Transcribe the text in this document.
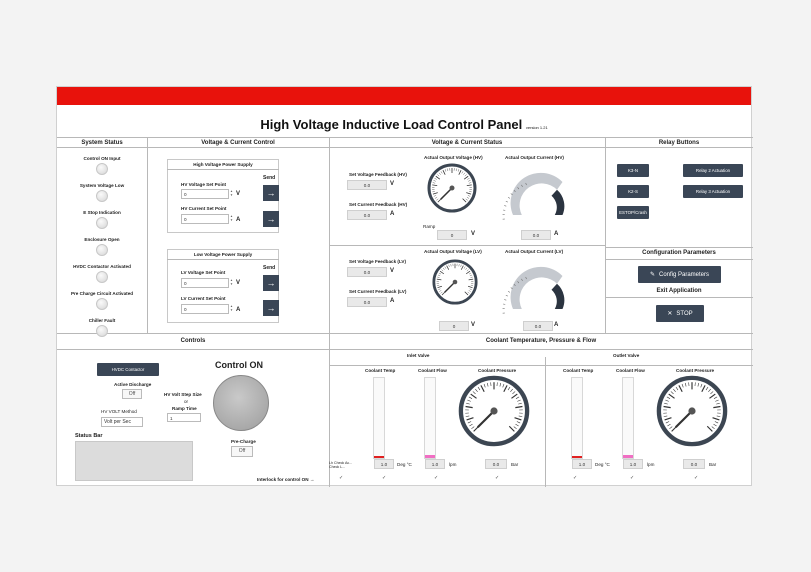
High Voltage Inductive Load Control Panel version 1.21
System Status	Voltage & Current Control	Voltage & Current Status	Relay Buttons
Controls	Coolant Temperature, Pressure & Flow
Configuration Parameters
Exit Application
Control ON Input
System Voltage Low
E Stop Indication
Enclosure Open
HVDC Contactor Activated
Pre Charge Circuit Activated
Chiller Fault
High Voltage Power Supply
Send
HV Voltage Set Point
0
▲
▼ V	→
HV Current Set Point
0
▲
▼ A	→
Low Voltage Power Supply
Send
LV Voltage Set Point
0
▲
▼ V	→
LV Current Set Point
0
▲
▼ A	→
Set Voltage Feedback (HV)
0.0	V
Set Current Feedback (HV)
0.0	A
Actual Output Voltage (HV)
Ramp
0	V
Actual Output Current (HV)
0.0	A
Set Voltage Feedback (LV)
0.0	V
Set Current Feedback (LV)
0.0	A
Actual Output Voltage (LV)
0	V
Actual Output Current (LV)
0.0	A
K3-N	Relay 2 Actuation
K2-S	Relay 3 Actuation
ESTOP/Crash
✎ Config Parameters
✕ STOP
HVDC Contactor
Active Discharge
Off
HV VOLT Method
Volt per Sec
HV Volt Step Size
or
Ramp Time
1
Control ON
Pre-Charge
Off
Status Bar
Interlock for control ON →
Inlet Valve	Outlet Valve
Coolant Temp	Coolant Flow	Coolant Pressure
1.0	Deg °C	1.0	lpm	0.0	Bar
Coolant Temp	Coolant Flow	Coolant Pressure
1.0	Deg °C	1.0	lpm	0.0	Bar
Lh Check Ac... Check L...
✓	✓	✓	✓	✓	✓	✓
